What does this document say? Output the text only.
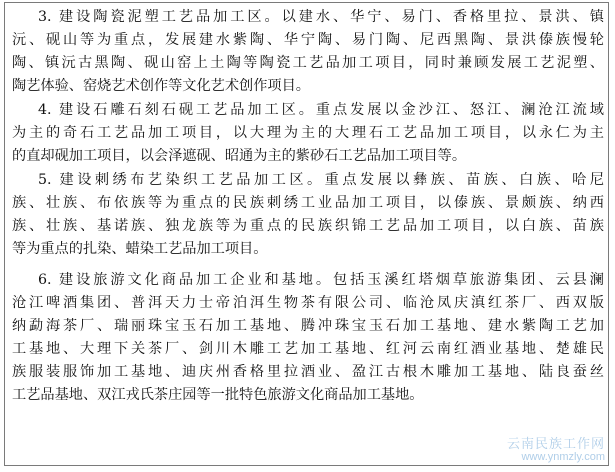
3. 建设陶瓷泥塑工艺品加工区。以建水、华宁、易门、香格里拉、景洪、镇
沅、砚山等为重点，发展建水紫陶、华宁陶、易门陶、尼西黑陶、景洪傣族慢轮
陶、镇沅古黑陶、砚山窑上土陶等陶瓷工艺品加工项目，同时兼顾发展工艺泥塑、
陶艺体验、窑烧艺术创作等文化艺术创作项目。
4. 建设石雕石刻石砚工艺品加工区。重点发展以金沙江、怒江、澜沧江流域
为主的奇石工艺品加工项目，以大理为主的大理石工艺品加工项目，以永仁为主
的直却砚加工项目，以会泽遮砚、昭通为主的紫砂石工艺品加工项目等。
5. 建设刺绣布艺染织工艺品加工区。重点发展以彝族、苗族、白族、哈尼
族、壮族、布依族等为重点的民族刺绣工业品加工项目，以傣族、景颇族、纳西
族、壮族、基诺族、独龙族等为重点的民族织锦工艺品加工项目，以白族、苗族
等为重点的扎染、蜡染工艺品加工项目。
6. 建设旅游文化商品加工企业和基地。包括玉溪红塔烟草旅游集团、云县澜
沧江啤酒集团、普洱天力士帝泊洱生物茶有限公司、临沧凤庆滇红茶厂、西双版
纳勐海茶厂、瑞丽珠宝玉石加工基地、腾冲珠宝玉石加工基地、建水紫陶工艺加
工基地、大理下关茶厂、剑川木雕工艺加工基地、红河云南红酒业基地、楚雄民
族服装服饰加工基地、迪庆州香格里拉酒业、盈江古根木雕加工基地、陆良蚕丝
工艺品基地、双江戎氏茶庄园等一批特色旅游文化商品加工基地。
云南民族工作网
www.ynmzly.com
